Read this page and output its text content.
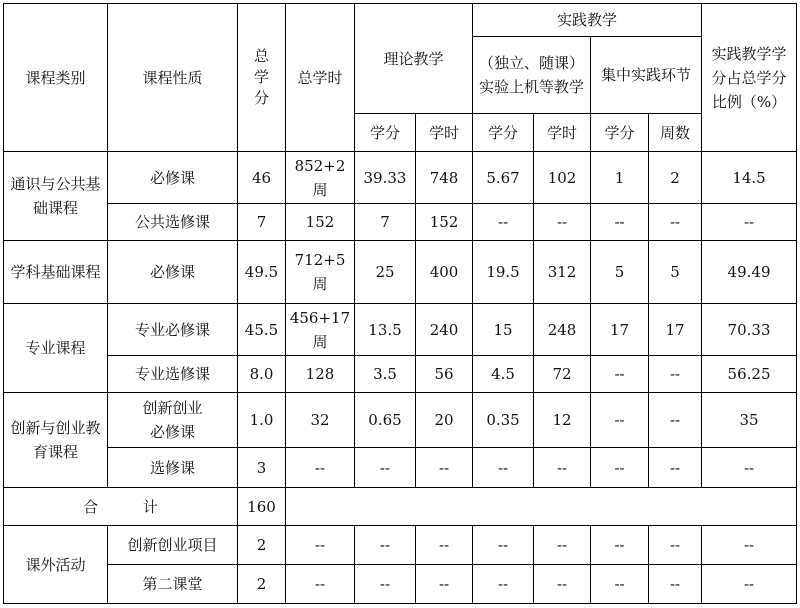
课程类别	课程性质	总学分	总学时	理论教学		实践教学				实践教学学分占总学分比例（%）
						（独立、随课）实验上机等教学		集中实践环节		
				学分	学时	学分	学时	学分	周数	
通识与公共基础课程	必修课	46	852+2周	39.33	748	5.67	102	1	2	14.5
	公共选修课	7	152	7	152	--	--	--	--	--
学科基础课程	必修课	49.5	712+5周	25	400	19.5	312	5	5	49.49
专业课程	专业必修课	45.5	456+17周	13.5	240	15	248	17	17	70.33
	专业选修课	8.0	128	3.5	56	4.5	72	--	--	56.25
创新与创业教育课程	创新创业必修课	1.0	32	0.65	20	0.35	12	--	--	35
	选修课	3	--	--	--	--	--	--	--	--
合 计		160								
课外活动	创新创业项目	2	--	--	--	--	--	--	--	--
	第二课堂	2	--	--	--	--	--	--	--	--
